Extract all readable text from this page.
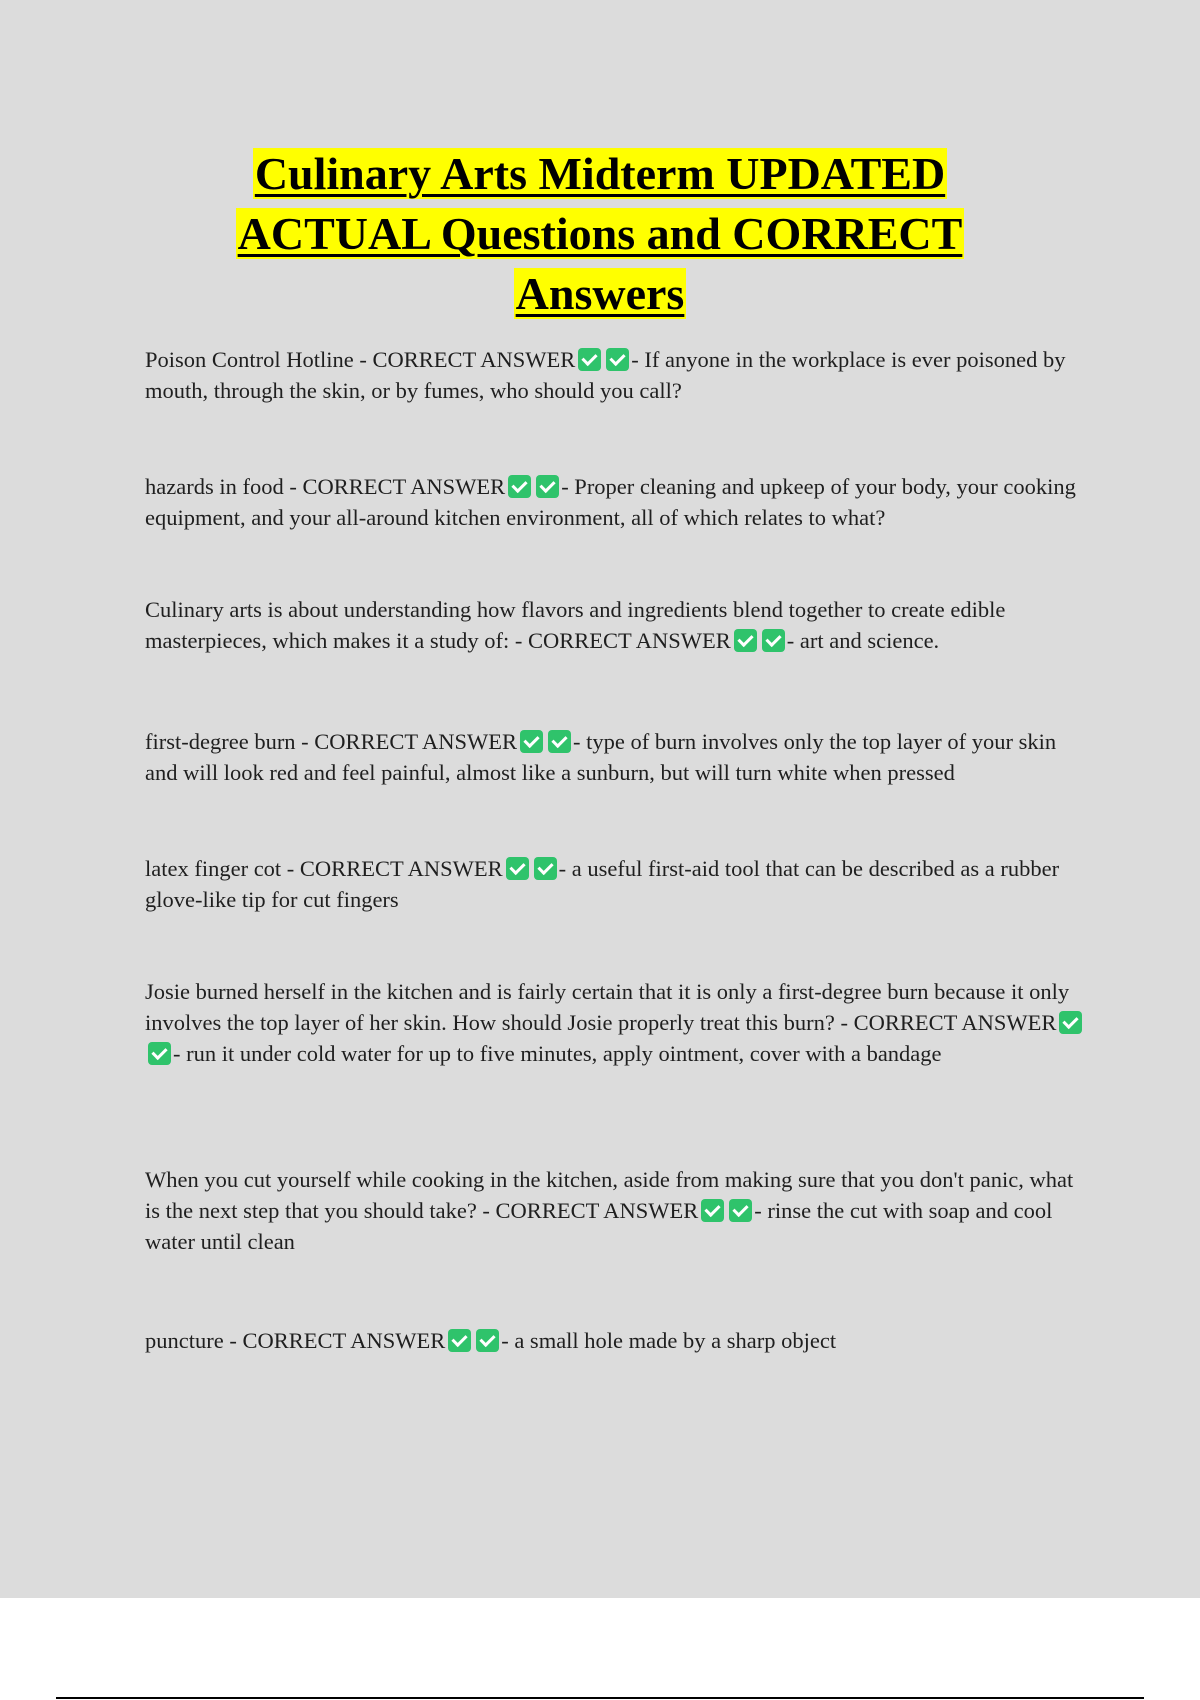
Culinary Arts Midterm UPDATED
ACTUAL Questions and CORRECT
Answers
Poison Control Hotline - CORRECT ANSWER - If anyone in the workplace is ever poisoned by mouth, through the skin, or by fumes, who should you call?
hazards in food - CORRECT ANSWER - Proper cleaning and upkeep of your body, your cooking equipment, and your all-around kitchen environment, all of which relates to what?
Culinary arts is about understanding how flavors and ingredients blend together to create edible masterpieces, which makes it a study of: - CORRECT ANSWER - art and science.
first-degree burn - CORRECT ANSWER - type of burn involves only the top layer of your skin and will look red and feel painful, almost like a sunburn, but will turn white when pressed
latex finger cot - CORRECT ANSWER - a useful first-aid tool that can be described as a rubber glove-like tip for cut fingers
Josie burned herself in the kitchen and is fairly certain that it is only a first-degree burn because it only involves the top layer of her skin. How should Josie properly treat this burn? - CORRECT ANSWER- run it under cold water for up to five minutes, apply ointment, cover with a bandage
When you cut yourself while cooking in the kitchen, aside from making sure that you don't panic, what is the next step that you should take? - CORRECT ANSWER - rinse the cut with soap and cool water until clean
puncture - CORRECT ANSWER - a small hole made by a sharp object
